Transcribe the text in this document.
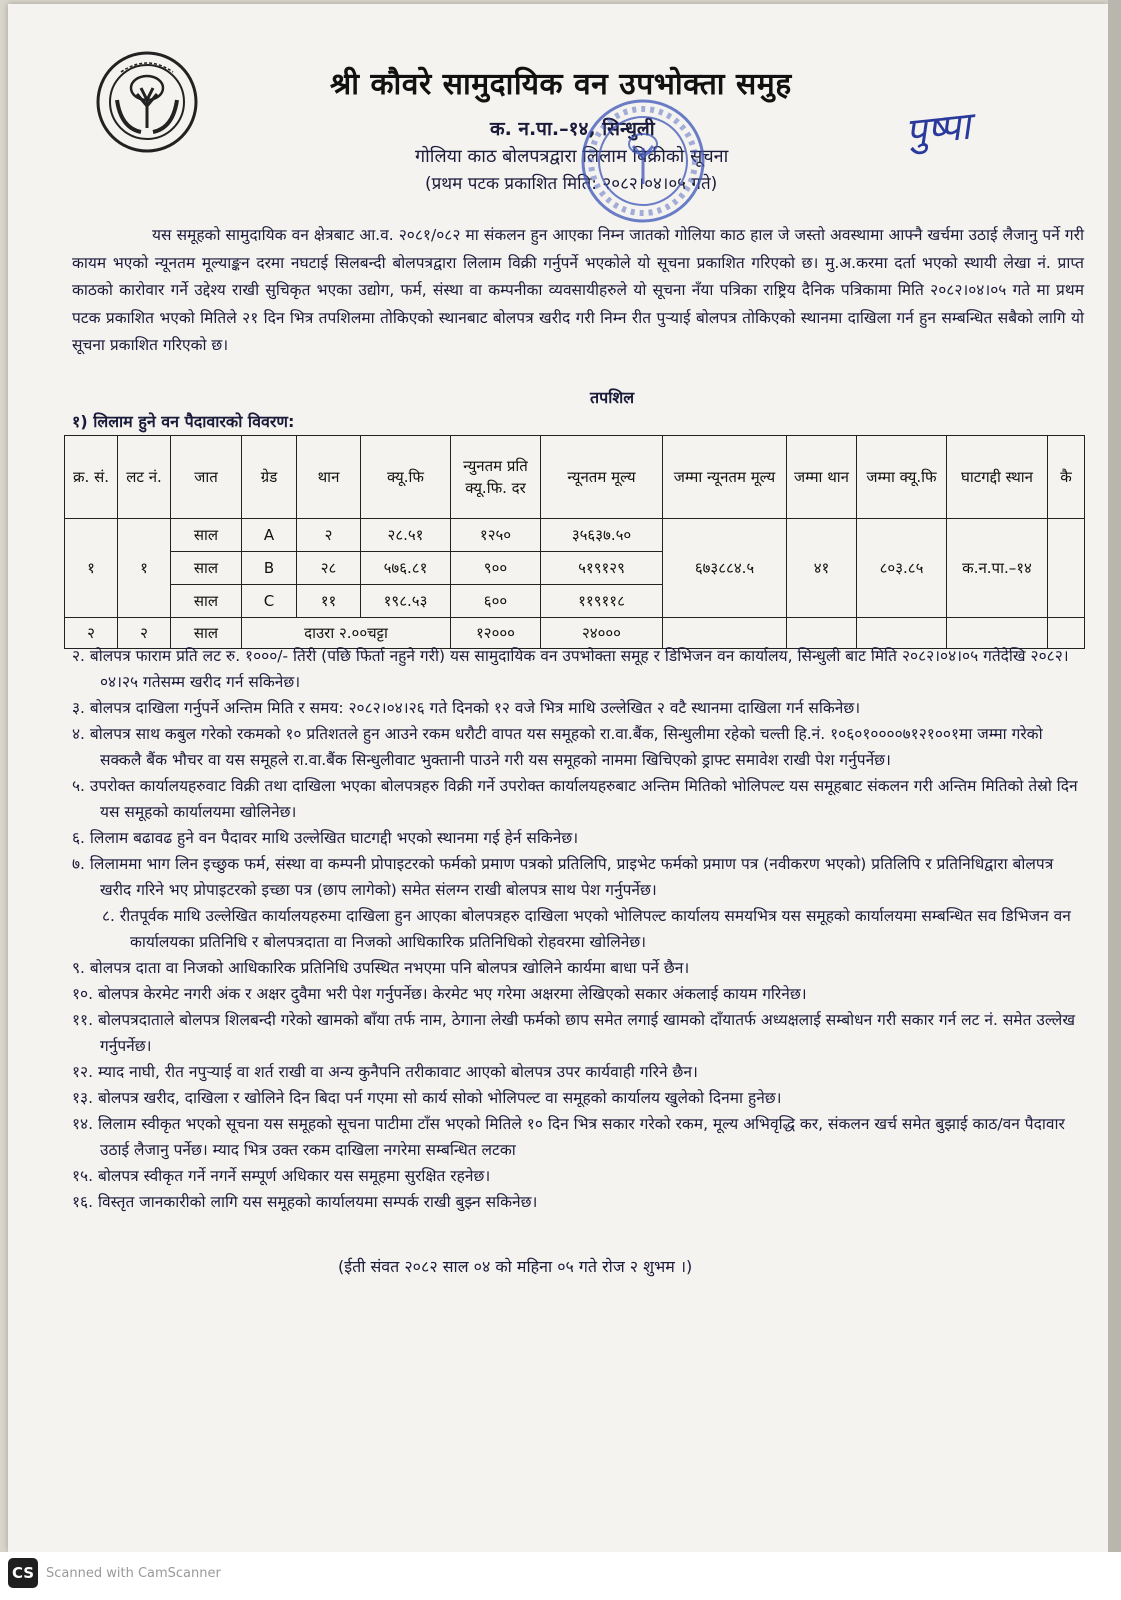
श्री कौवरे सामुदायिक वन उपभोक्ता समुह
क. न.पा.–१४, सिन्धुली
गोलिया काठ बोलपत्रद्वारा लिलाम बिक्रीको सूचना
(प्रथम पटक प्रकाशित मिति: २०८२।०४।०५ गते)
पुष्पा

यस समूहको सामुदायिक वन क्षेत्रबाट आ.व. २०८१/०८२ मा संकलन हुन आएका निम्न जातको गोलिया काठ हाल जे जस्तो अवस्थामा आफ्नै खर्चमा उठाई लैजानु पर्ने गरी कायम भएको न्यूनतम मूल्याङ्कन दरमा नघटाई सिलबन्दी बोलपत्रद्वारा लिलाम विक्री गर्नुपर्ने भएकोले यो सूचना प्रकाशित गरिएको छ। मु.अ.करमा दर्ता भएको स्थायी लेखा नं. प्राप्त काठको कारोवार गर्ने उद्देश्य राखी सुचिकृत भएका उद्योग, फर्म, संस्था वा कम्पनीका व्यवसायीहरुले यो सूचना नँया पत्रिका राष्ट्रिय दैनिक पत्रिकामा मिति २०८२।०४।०५ गते मा प्रथम पटक प्रकाशित भएको मितिले २१ दिन भित्र तपशिलमा तोकिएको स्थानबाट बोलपत्र खरीद गरी निम्न रीत पुऱ्याई बोलपत्र तोकिएको स्थानमा दाखिला गर्न हुन सम्बन्धित सबैको लागि यो सूचना प्रकाशित गरिएको छ।

तपशिल
१) लिलाम हुने वन पैदावारको विवरण:
क्र. सं.	लट नं.	जात	ग्रेड	थान	क्यू.फि	न्युनतम प्रति क्यू.फि. दर	न्यूनतम मूल्य	जम्मा न्यूनतम मूल्य	जम्मा थान	जम्मा क्यू.फि	घाटगद्दी स्थान	कै
१	१	साल	A	२	२८.५१	१२५०	३५६३७.५०	६७३८८४.५	४१	८०३.८५	क.न.पा.–१४	
		साल	B	२८	५७६.८१	९००	५१९१२९					
		साल	C	११	१९८.५३	६००	११९११८					
२	२	साल	दाउरा २.००चट्टा			१२०००	२४०००					

२. बोलपत्र फाराम प्रति लट रु. १०००/- तिरी (पछि फिर्ता नहुने गरी) यस सामुदायिक वन उपभोक्ता समूह र डिभिजन वन कार्यालय, सिन्धुली बाट मिति २०८२।०४।०५ गतेदेखि २०८२।०४।२५ गतेसम्म खरीद गर्न सकिनेछ।

३. बोलपत्र दाखिला गर्नुपर्ने अन्तिम मिति र समय: २०८२।०४।२६ गते दिनको १२ वजे भित्र माथि उल्लेखित २ वटै स्थानमा दाखिला गर्न सकिनेछ।

४. बोलपत्र साथ कबुल गरेको रकमको १० प्रतिशतले हुन आउने रकम धरौटी वापत यस समूहको रा.वा.बैंक, सिन्धुलीमा रहेको चल्ती हि.नं. १०६०१००००७१२१००१मा जम्मा गरेको सक्कलै बैंक भौचर वा यस समूहले रा.वा.बैंक सिन्धुलीवाट भुक्तानी पाउने गरी यस समूहको नाममा खिचिएको ड्राफ्ट समावेश राखी पेश गर्नुपर्नेछ।

५. उपरोक्त कार्यालयहरुवाट विक्री तथा दाखिला भएका बोलपत्रहरु विक्री गर्ने उपरोक्त कार्यालयहरुबाट अन्तिम मितिको भोलिपल्ट यस समूहबाट संकलन गरी अन्तिम मितिको तेस्रो दिन यस समूहको कार्यालयमा खोलिनेछ।

६. लिलाम बढावढ हुने वन पैदावर माथि उल्लेखित घाटगद्दी भएको स्थानमा गई हेर्न सकिनेछ।

७. लिलाममा भाग लिन इच्छुक फर्म, संस्था वा कम्पनी प्रोपाइटरको फर्मको प्रमाण पत्रको प्रतिलिपि, प्राइभेट फर्मको प्रमाण पत्र (नवीकरण भएको) प्रतिलिपि र प्रतिनिधिद्वारा बोलपत्र खरीद गरिने भए प्रोपाइटरको इच्छा पत्र (छाप लागेको) समेत संलग्न राखी बोलपत्र साथ पेश गर्नुपर्नेछ।

८. रीतपूर्वक माथि उल्लेखित कार्यालयहरुमा दाखिला हुन आएका बोलपत्रहरु दाखिला भएको भोलिपल्ट कार्यालय समयभित्र यस समूहको कार्यालयमा सम्बन्धित सव डिभिजन वन कार्यालयका प्रतिनिधि र बोलपत्रदाता वा निजको आधिकारिक प्रतिनिधिको रोहवरमा खोलिनेछ।

९. बोलपत्र दाता वा निजको आधिकारिक प्रतिनिधि उपस्थित नभएमा पनि बोलपत्र खोलिने कार्यमा बाधा पर्ने छैन।

१०. बोलपत्र केरमेट नगरी अंक र अक्षर दुवैमा भरी पेश गर्नुपर्नेछ। केरमेट भए गरेमा अक्षरमा लेखिएको सकार अंकलाई कायम गरिनेछ।

११. बोलपत्रदाताले बोलपत्र शिलबन्दी गरेको खामको बाँया तर्फ नाम, ठेगाना लेखी फर्मको छाप समेत लगाई खामको दाँयातर्फ अध्यक्षलाई सम्बोधन गरी सकार गर्न लट नं. समेत उल्लेख गर्नुपर्नेछ।

१२. म्याद नाघी, रीत नपुऱ्याई वा शर्त राखी वा अन्य कुनैपनि तरीकावाट आएको बोलपत्र उपर कार्यवाही गरिने छैन।

१३. बोलपत्र खरीद, दाखिला र खोलिने दिन बिदा पर्न गएमा सो कार्य सोको भोलिपल्ट वा समूहको कार्यालय खुलेको दिनमा हुनेछ।

१४. लिलाम स्वीकृत भएको सूचना यस समूहको सूचना पाटीमा टाँस भएको मितिले १० दिन भित्र सकार गरेको रकम, मूल्य अभिवृद्धि कर, संकलन खर्च समेत बुझाई काठ/वन पैदावार उठाई लैजानु पर्नेछ। म्याद भित्र उक्त रकम दाखिला नगरेमा सम्बन्धित लटका

१५. बोलपत्र स्वीकृत गर्ने नगर्ने सम्पूर्ण अधिकार यस समूहमा सुरक्षित रहनेछ।

१६. विस्तृत जानकारीको लागि यस समूहको कार्यालयमा सम्पर्क राखी बुझ्न सकिनेछ।

(ईती संवत २०८२ साल ०४ को महिना ०५ गते रोज २ शुभम ।)
CS Scanned with CamScanner
